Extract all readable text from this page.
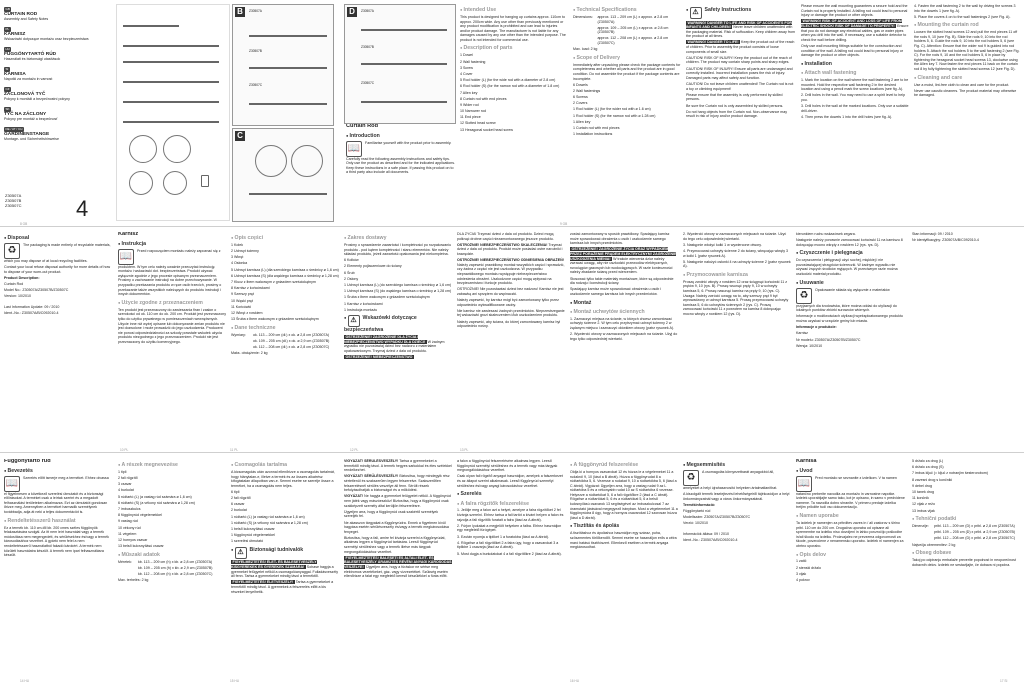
GB
CURTAIN ROD
Assembly and Safety Notes
PL
KARNISZ
Wskazówki dotyczące montażu oraz bezpieczeństwa
HU
FÜGGÖNYTARTÓ RÚD
Használati és biztonsági utasítások
SI
KARNISA
Napotki za montažo in varnost
CZ
ZÁCLONOVÁ TYČ
Pokyny k montáži a bezpečnostní pokyny
SK
TYČ NA ZÁCLONY
Pokyny pre montáž a bezpečnosť
DE / AT / CH
GARDINENSTANGE
Montage- und Sicherheitshinweise
Z30507A
Z30507B
Z30507C 4
B	Z30507A
Z30507B
Z30507C
C
D	Z30507A
Z30507B
Z30507C
Curtain Rod
● Introduction

📖 Familiarise yourself with the product prior to assembly. Carefully read the following assembly instructions and safety tips. Only use the product as described and for the indicated applications. Keep these instructions in a safe place. If passing this product on to a third party also include all documents.

● Intended Use

This product is designed for hanging up curtains approx. 110cm to approx. 200cm wide. Any use other than previously mentioned or any product modification is prohibited and can lead to injuries and/or product damage. The manufacturer is not liable for any damages caused by any use other than the intended purpose. The product is not intended for commercial use.

● Description of parts

1 Dowel

2 Wall fastening

3 Screw

4 Cover

5 Rod holder (L) (for the wide rod with a diameter of 2.8 cm)

6 Rod holder (S) (for the narrow rod with a diameter of 1.8 cm)

7 Allen key

8 Curtain rod with end pieces

9 Wider rod

10 Narrower rod

11 End piece

12 Slotted head screw

13 Hexagonal socket head screw

● Technical Specifications
Dimensions:	approx. 113 – 209 cm (L) x approx. ø 2.8 cm (Z30507A)

approx. 109 – 205 cm (L) x approx. ø 2.8 cm (Z30507B)

approx. 112 – 208 cm (L) x approx. ø 2.8 cm (Z30507C)

Max. load: 2 kg

● Scope of Delivery

Immediately after unpacking please check the package contents for completeness and whether all parts and the product are in good condition. Do not assemble the product if the package contents are incomplete.

6 Dowels

2 Wall fastenings

6 Screws

2 Covers

1 Rod holder (L) (for the wider rod with ø 1.6 cm)

1 Rod holder (S) (for the narrow rod with ø 1.28 cm)

1 Allen key

1 Curtain rod with end pieces

1 Installation instructions

● ⚠ Safety Instructions

WARNING! DANGER TO LIFE AND RISK OF ACCIDENTS FOR INFANTS AND CHILDREN! Never leave children unattended with the packaging material. Risk of suffocation. Keep children away from the product at all times.

WARNING! DANGER TO LIFE! Keep the product out of the reach of children. Prior to assembly the product consists of loose components of small size.

CAUTION! RISK OF INJURY! Keep the product out of the reach of children. The product may contain sharp points and sharp edges.

CAUTION! RISK OF INJURY! Ensure all parts are undamaged and correctly installed. Incorrect installation poses the risk of injury. Damaged parts may affect safety and function.

CAUTION! Do not leave children unattended! The Curtain rod is not a toy or climbing equipment!

Please ensure that the assembly is only performed by skilled persons.

Be sure the Curtain rod is only assembled by skilled persons.

Do not hang objects from the Curtain rod. Non-observance may result in risk of injury and/or product damage.

Please ensure the wall mounting guarantees a secure hold and the Curtain rod is properly installed. A falling rod could lead to personal injury or damage the product or other objects.

WARNING! RISK OF ACCIDENT AND LOSS OF LIFE FROM ELECTRIC SHOCK! RISK OF DAMAGE TO PROPERTY! Ensure that you do not damage any electrical cables, gas or water pipes when you drill into the wall. If necessary, use a suitable detector to check the wall before drilling.

Only use wall mounting fittings suitable for the construction and condition of the wall. A falling rod could lead to personal injury or damage the product or other objects.

● Installation
● Attach wall fastening

1. Mark the location on the wall where the wall fastening 2 are to be mounted. Hold the respective wall fastening 2 in the desired location and using a pencil mark the screw locations (see fig. A).

2. Drill holes in the wall. You may need to use a spirit level to help you.

3. Drill holes in the wall at the marked locations. Only use a suitable drill-driver.

4. Then press the dowels 1 into the drill holes (see fig. A).

4. Fasten the wall fastening 2 to the wall by driving the screws 3 into the dowels 1 (see fig. A).

5. Place the covers 4 on to the wall fastenings 2 (see Fig. A).

● Mounting the curtain rod

Loosen the slotted head screws 12 and pull the end pieces 11 off the rods 9, 10 (see Fig. B). Slide the rods 9, 10 into the rod holders 5, 6. Guide the rods 9, 10 into the rod holders 5, 6 (see Fig. C). Attention: Ensure that the wider rod 9 is guided into rod holders 5. Attach the rod holders 5 to the wall fastening 2 (see Fig. C). For the rods 9, 10 and the rod holders 5, 6 in place by tightening the hexagonal socket head screws 13, clockwise using the Allen key 7. Now fasten the end pieces 11 back on the curtain rod 8 by fully tightening the slotted head screws 12 (see Fig. D).

● Cleaning and care

Use a moist, lint-free cloth to clean and care for the product.

Never use caustic cleaners. The product material may otherwise be damaged.

● Disposal

♻ The packaging is made entirely of recyclable materials, which you may dispose of at local recycling facilities.

Contact your local refuse disposal authority for more details of how to dispose of your worn-out product.

Product Description:

Curtain Rod

Model No.: Z30507A/Z30507B/Z30507C

Version: 10/2010

Last Information Update: 09 / 2010

Ident.-No.: Z30507A/B/C092010-4

Karnisz
● Instrukcja

📖 Przed rozpoczęciem montażu należy zapoznać się z produktem. W tym celu należy uważnie przeczytać instrukcję montażu i wskazówki dot. bezpieczeństwa. Produkt używać wyłącznie zgodnie z jego procesie opisanym przeznaczeniem. Prosimy o zachowanie instrukcji na dobre przechowywanie. W przypadku przekazania produktu w ręce osób trzecich, prosimy o przekazanie także wszystkich należących do produktu instrukcji i innych dokumentów.

● Użycie zgodne z przeznaczeniem

Ten produkt jest przeznaczony do zawieszania firan i zasłon o szerokości od ok. 110 cm do ok. 200 cm. Produkt jest przeznaczony tylko do użytku prywatnego w pomieszczeniach wewnętrznych. Użycie inne niż wyżej opisane lub dokonywanie zmian produktu nie jest dozwolone i może prowadzić do jego uszkodzenia. Producent nie ponosi odpowiedzialności za szkody powstałe wskutek użycia produktu niezgodnego z jego przeznaczeniem. Produkt nie jest przeznaczony do użytku komercyjnego.

● Opis części

1 Kołek

2 Uchwyt ścienny

3 Wkręt

4 Osłonka

5 Uchwyt karnisza (L) (dla szerokiego karnisza o średnicy ø 1,6 cm)

6 Uchwyt karnisza (S) (dla wąskiego karnisza o średnicy ø 1,28 cm)

7 Klucz z łbem walcowym z gniazdem sześciokątnym

8 Karnisz z końcówkami

9 Szerszy pręt

10 Wąski pręt

11 Końcówki

12 Wkręt z rowkiem

13 Śruba z łbem walcowym z gniazdem sześciokątnym

● Dane techniczne
Wymiary:	ok. 113 – 209 cm (dł.) x ok. ø 2,8 cm (Z30507A)

ok. 109 – 205 cm (dł.) x ok. ø 2,9 cm (Z30507B)

ok. 112 – 208 cm (dł.) x ok. ø 2,8 cm (Z30507C)

Maks. obciążenie: 2 kg

● Zakres dostawy

Prosimy o sprawdzenie zawartości i kompletności po rozpakowaniu produktu - pod kątem kompletności i stanu elementów. Nie należy składać produktu, jeżeli zawartość opakowania jest niekompletna.

6 Kołków

2 Elementy pojłaczeniowe do ściany

6 Śrub

2 Osłony

1 Uchwyt karnisza (L) (do szerokiego karnisza o średnicy ø 1,6 cm)

1 Uchwyt karnisza (S) (do wąskiego karnisza o średnicy ø 1,28 cm)

1 Śruba z łbem walcowym z gniazdem sześciokątnym

1 Karnisz z końcówkami

1 Instrukcja montażu

● ⚠ Wskazówki dotyczące bezpieczeństwa

OSTRZEŻENIE! ZAGROŻENIE DLA ŻYCIA I NIEBEZPIECZEŃSTWO WYPADKU DLA DZIECI! W żadnym wypadku nie pozostawiaj dzieci bez nadzoru z materiałem opakowaniowym. Trzymaj dzieci z dala od produktu.

OSTRZEŻENIE! NIEBEZPIECZEŃSTWO

DLA ŻYCIA! Trzymać dzieci z dala od produktu. Dzieci mogą połknąć drobne części niezamontowanego jeszcze produktu.

OSTROŻNIE! NIEBEZPIECZEŃSTWO SKALECZENIA! Trzymać dzieci z dala od produktu. Produkt może posiadać ostre narożniki i krawędzie.

OSTROŻNIE! NIEBEZPIECZEŃSTWO ODNIESIENIA OBRAŻEŃ! Należy zapewnić prawidłowy montaż wszystkich części i sprawdzić, czy żadna z części nie jest uszkodzona. W przypadku nieprawidłowego montażu występuje niebezpieczeństwo odniesienia obrażeń. Uszkodzone części mogą wpływać na bezpieczeństwo i funkcje produktu.

OSTROŻNIE! Nie pozostawiać dzieci bez nadzoru! Karnisz nie jest zabawką ani sprzętem do wspinaczki.

Należy zapewnić, by karnisz mógł być zamontowany tylko przez odpowiednio wykwalifikowane osoby.

Nie karnisz nie zawieszać żadnych przedmiotów. Nieprzestrzeganie tej wskazówki grozi skaleczeniem i/lub uszkodzeniem produktu.

Należy zapewnić, aby ściana, do której zamontowany karnisz był odpowiednio nośny.

zostać zamontowany w sposób prawidłowy. Spadający karnisz może spowodować obrażenia u osób i uszkodzenie samego karnisza lub innych przedmiotów.

OSTRZEŻENIE! ZAGROŻENIE ŻYCIA ORAZ WYPADKIEM PRZEZ PORAŻENIE PRĄDEM ELEKTRYCZNYM! ZAGROŻENIE USZKODZENIA MIENIA! W trakcie wiercenia dziur należy zwracać uwagę, aby nie uszkodzić przewodów elektrycznych, rurociągów gazowych lub wodociągowych. W razie konieczności należy zbadanie ścianę przed wierceniem.

Stosować tylko takie materiały montażowe, które są odpowiednie dla rodzaju i konstrukcji ściany.

Spadający karnisz może spowodować obrażenia u osób i uszkodzenie samego karnisza lub innych przedmiotów.

● Montaż
● Montaż uchwytów ściennych

1. Zaznaczyć miejsca na ścianie, w których chcesz zamontować uchwyty ścienne 2. W tym celu przytrzymać uchwyt ścienny 2 w żądanym miejscu i zaznaczyć ołówkiem otwory (patrz rysunek A).

2. Wywiercić otwory w zaznaczonych miejscach na ścianie. Użyj do tego tylko odpowiedniej wiertarki.

2. Wywiercić otwory w zaznaczonych miejscach na ścianie. Użyć do tego celu odpowiedniej wiertarki.

3. Następnie włożyć kołki 1 w wywiercone otwory.

4. Przymocować uchwyty ścienne 2 do ściany, wkręcając wkręty 3 w kołki 1 (patrz rysunek A).

5. Następnie nałożyć osłonki 4 na uchwyty ścienne 2 (patrz rysunek A).

● Przymocowanie karnisza

Proszę zwolnić wkręty z rowkiem 12 oraz ściągnąć końcówki 11 z prętów 9, 10 (rys. B). Proszę wsunąć pręty 9, 10 w uchwyty karnisza 5, 6. Proszę nasunąć karnisz na pręty 9, 10 (rys. C). Uwaga: Należy zwrócić uwagę na to, aby szerszy pręt 9 był wprowadzony w uchwyt karnisza 5. Proszę przymocować uchwyty karnisza 5, 6 do uchwytów ściennych 2 (rys. C). Proszę zamocować końcówki 11 z powrotem na karnisz 8 dokręcając mocno wkręty z rowkiem 12 (rys. D).

kierunkiem ruchu wskazówek zegara.

Następnie należy ponownie zamocować końcówki 11 na karniszu 8 dokręcając mocno wkręty z rowkiem 12 (rys. rys. D).

● Czyszczenie i pielęgnacja

Do czyszczenia i pielęgnacji użyć suchej, miękkiej i nie pozostawiającej strzępków ściereczki. W żadnym wypadku nie używać żrących środków myjących. W przeciwnym razie można uszkodzić materiał produktu.

● Usuwanie

♻ Opakowanie składa się wyłącznie z materiałów przyjaznych dla środowiska, które można oddać do utylizacji do lokalnych punktów zbiórki surowców wtórnych.

Informacje o możliwościach utylizacji wyeksploatowanego produktu można uzyskać w urzędzie gminy lub miasta.

Informacje o produkcie:

Karnisz

Nr modelu: Z30507A/Z30507B/Z30507C

Wersja: 10/2010

Stan informacji: 09 / 2010

Nr identyfikacyjny: Z30507A/B/C092010-4

Függönytartó rúd
● Bevezetés

📖 Szerelés előtt ismerje meg a terméket. Ehhez olvassa el figyelmesen a következő szerelési útmutatót és a biztonsági előírásokat. A terméket csak a leírtak szerint és a megadott felhasználási területeken alkalmazza. Ezt az útmutatót gondosan őrizze meg. Amennyiben a terméket harmadik személynek továbbadja, adja át neki a teljes dokumentációt is.

● Rendeltetésszerű használat

Ez a termék kb. 110 cm-től kb. 200 cmes széles függönyök felakasztására szolgál. Az itt nem leírt használat vagy a termék módosítása nem megengedett, és sérülésekhez és/vagy a termék károsodásához vezethet. A gyártó nem felel a nem rendeltetésszerű használatból fakadó károkért. A termék nem közületi használatra készült. A termék nem ipari felhasználásra készült.

● A részek megnevezése

1 tipli

2 fali rögzítő

3 csavar

4 burkolat

5 rúdtartó (L) (a vastag rúd számára ø 1,6 cm)

6 rúdtartó (S) (a vékony rúd számára ø 1,28 cm)

7 imbuszkulcs

8 függönyrúd végelemekkel

9 vastag rúd

10 vékony rúd

11 végelem

12 hornyos csavar

13 belső kulcsnyílású csavar

● Műszaki adatok
Méretek:	kb. 113 – 209 cm (h) x kb. ø 2,8 cm (Z30507A)

kb. 109 – 205 cm (h) x kb. ø 2,9 cm (Z30507B)

kb. 112 – 208 cm (h) x kb. ø 2,8 cm (Z30507C)

Max. terhelés: 2 kg

● Csomagolás tartalma

A kicsomagolás után azonnal ellenőrizze a csomagolás tartalmát, hogy hiánytalan-e, illetve a termék és az összes alkatrész kifogástalan állapotban van-e. Semmi esetre se szerelje össze a terméket, ha a csomagolás nem teljes.

6 tipli

2 fali rögzítő

6 csavar

2 burkolat

1 rúdtartó (L) (a vastag rúd számára ø 1,6 cm)

1 rúdtartó (S) (a vékony rúd számára ø 1,28 cm)

1 belső kulcsnyílású csavar

1 függönyrúd végelemekkel

1 szerelési útmutató

● ⚠ Biztonsági tudnivalók

FIGYELMEZTETÉS! ÉLET- ÉS BALESETVESZÉLY KISGYEREKEK ÉS GYEREKEK SZÁMÁRA! Sohase hagyja a gyermeket felügyelet nélkül a csomagolóanyaggal. Fulladásveszély áll fenn. Tartsa a gyermekeket mindig távol a terméktől.

FIGYELMEZTETÉS! ÉLETVESZÉLY! Tartsa a gyermekeket a terméktől mindig távol. A gyermekek a felszerelés előtt a kis részeket lenyelhetik.

VIGYÁZAT! SÉRÜLÉSVESZÉLY! Tartsa a gyermekeket a terméktől mindig távol. A termék hegyes sarkokkal és éles szélekkel rendelkezhet.

VIGYÁZAT! SÉRÜLÉSVESZÉLY! Biztosítsa, hogy mindegyik rész sértetlenül és szakszerűen legyen felszerelve. Szakszerűtlen felszerelésnél sérülés veszélye áll fenn. Sérült részek befolyásolhatják a biztonságot és a működést.

VIGYÁZAT! Ne hagyja a gyermeket felügyelet nélkül. A függönyrúd nem játék vagy mászóeszköz! Biztosítsa, hogy a függönyrúd csak szakképzett személy által kerüljön felszerelésre.

Ügyeljen arra, hogy a függönyrúd csak szakértő személyek szereljék fel.

Ne akasszon tárgyakat a függönyrúdra. Ennek a figyelmen kívül hagyása esetén sérülésveszély és/vagy a termék megkárosodása fenyeget.

Biztosítsa, hogy a fali, amire fel kívánja szerelni a függönyrúdat, alkalmas legyen a függönyrúd tartására. Leeső függönyrúd személyi sérüléshez vagy a termék illetve más tárgyak megrongálódásához vezethet.

FIGYELMEZTETÉS! BALESETI ÉS ÁLTALI ÉLET- ÉS BALESETVESZÉLY ÁRAMÜTÉS RÉVÉN! ANYAGI KÁROSODÁS VESZÉLYE! Ügyeljen arra, hogy a fúráskor ne sértse meg elektromos vezetékeket, gáz- vagy vízvezetéket. Szükség esetén ellenőrizze a falat egy megfelelő kereső készülékkel a fúrás előtt.

a falon a függönyrúd felszerelésére alkalmas legyen. Leeső függönyrúd személyi sérüléshez és a termék vagy más tárgyak megrongálódásához vezethet.

Csak olyan fali rögzítő anyagot használjon, amelyek a falszerkezet és az állapot szerint alkalmasak. Leeső függönyrúd személyi sérüléshez és/vagy anyagi károsodáshoz vezethet.

● Szerelés
● A falra rögzítők felszerelése

1. Jelölje meg a falon azt a helyet, amelyre a falra rögzítőket 2 fel kívánja szerelni. Ehhez tartsa a fali tartót a kívánt helyen a falon és rajzolja a fali rögzítők furatait a falra (lásd az A ábrát).

2. Fúrjon lyukakat a megjelölt helyeken a falba. Ehhez használjon egy megfelelő fúrógépet.

3. Ezután nyomja a tipliket 1 a furatokba (lásd az A ábrát).

4. Rögzítse a fali rögzítőket 2 a falra úgy, hogy a csavarokat 3 a tiplikbe 1 csavarja (lásd az A ábrát).

5. Most dugja a burkolatokat 4 a fali rögzítőkre 2 (lásd az A ábrát).

● A függönyrúd felszerelése

Oldja ki a hornyos csavarokat 12 és húzza le a végelemeket 11 a rudakról 9, 10 (lásd a B ábrát). Húzza a függönyrudat 8 a rúdtartókba 5, 6. Vezesse a rudakat 9, 10 a rúdtartókba 5, 6 (lásd a C ábrát). Vigyázat: Ügyeljen arra, hogy a vastag rudat 9 az L rúdtartóba 5 és a vékonyabb rudat 10 az S rúdtartóba 6 vezesse. Helyezze a rúdtartókat 5, 6 a fali rögzítőkre 2 (lásd a C ábrát). Rögzítse a rúdtartókat 5, 6 és a rúdtartókat 5, 6 a belső kulcsnyílású csavarok 13 segítségével az imbuszkulccsal 7 az óramutató járásával megegyező irányban. Most a végelemeket 11 a függönyrúdra 8 úgy, hogy a hornyos csavarokat 12 szorosan húzza (lásd a D ábrát).

● Tisztítás és ápolás

A tisztításhoz és ápoláshoz használjon egy száraz, puha, szöszmentes törlőkendőt. Semmi esetre se használjon erős a célra maró hatású tisztítószert. Ellenkező esetben a termék anyaga megkárosodhat.

● Megsemmisítés

♻ A csomagolás környezetbarát anyagokból áll, amelyeket a helyi újrahasznosító helyeken ártalmatlaníthat.

A kiszolgált termék leselejtezési lehetőségeiről tájékozódjon a helyi önkormányzatnál vagy a város önkormányzatánál.

Termékinformáció:

Függönytartó rúd

Modellszám: Z30507A/Z30507B/Z30507C

Verzió: 10/2010

Információk állása: 09 / 2010

Ident.-No.: Z30507A/B/C092010-4

Karnisa
● Uvod

📖 Pred montažo se seznanite z izdelkom. V ta namen natančno preberite navodila za montažo in varnostne napotke. Izdelek uporabljajte samo tako, kot je opisano, in samo v predvidene namene. Ta navodila dobro shranite. V primeru predaje izdelka tretjim priložite tudi vso dokumentacijo.

● Namen uporabe

Ta izdelek je namenjen za pritrditev zaves in / ali zastorov s širino pribl. 110 cm do 200 cm. Drugačna uporaba od opisane ali spremembe na izdelku niso dovoljeni in lahko povzročijo poškodbe in/ali škodo na izdelku. Proizvajalec ne prevzema odgovornosti za škode, povzročene z nenamensko uporabo. Izdelek ni namenjen za obrtno uporabo.

● Opis delov

1 zatič

2 stenski držalo

3 vijak

4 pokrov

5 držalo za drog (L)

6 držalo za drog (S)

7 imbus ključ (= ključ z notranjim šesterorobom)

8 zavesni drog s končniki

9 debel drog

10 tanek drog

11 končnik

12 vijak z režo

13 imbus vijak

● Tehnični podatki
Dimenzije:	pribl. 113 – 209 cm (D) x pribl. ø 2,8 cm (Z30507A)

pribl. 109 – 205 cm (D) x pribl. ø 2,9 cm (Z30507B)

pribl. 112 – 208 cm (D) x pribl. ø 2,8 cm (Z30507C)

Največja obremenitev: 2 kg

● Obseg dobave

Takoj po odpiranju embalaže preverite popolnost in neoporečnost dobavnih delov. Izdelek ne sestavljajte, če dobava ni popolna.

8 GB	9 GB
10 PL	11 PL	12 PL	13 PL
14 HU	15 HU	16 HU	17 SI
